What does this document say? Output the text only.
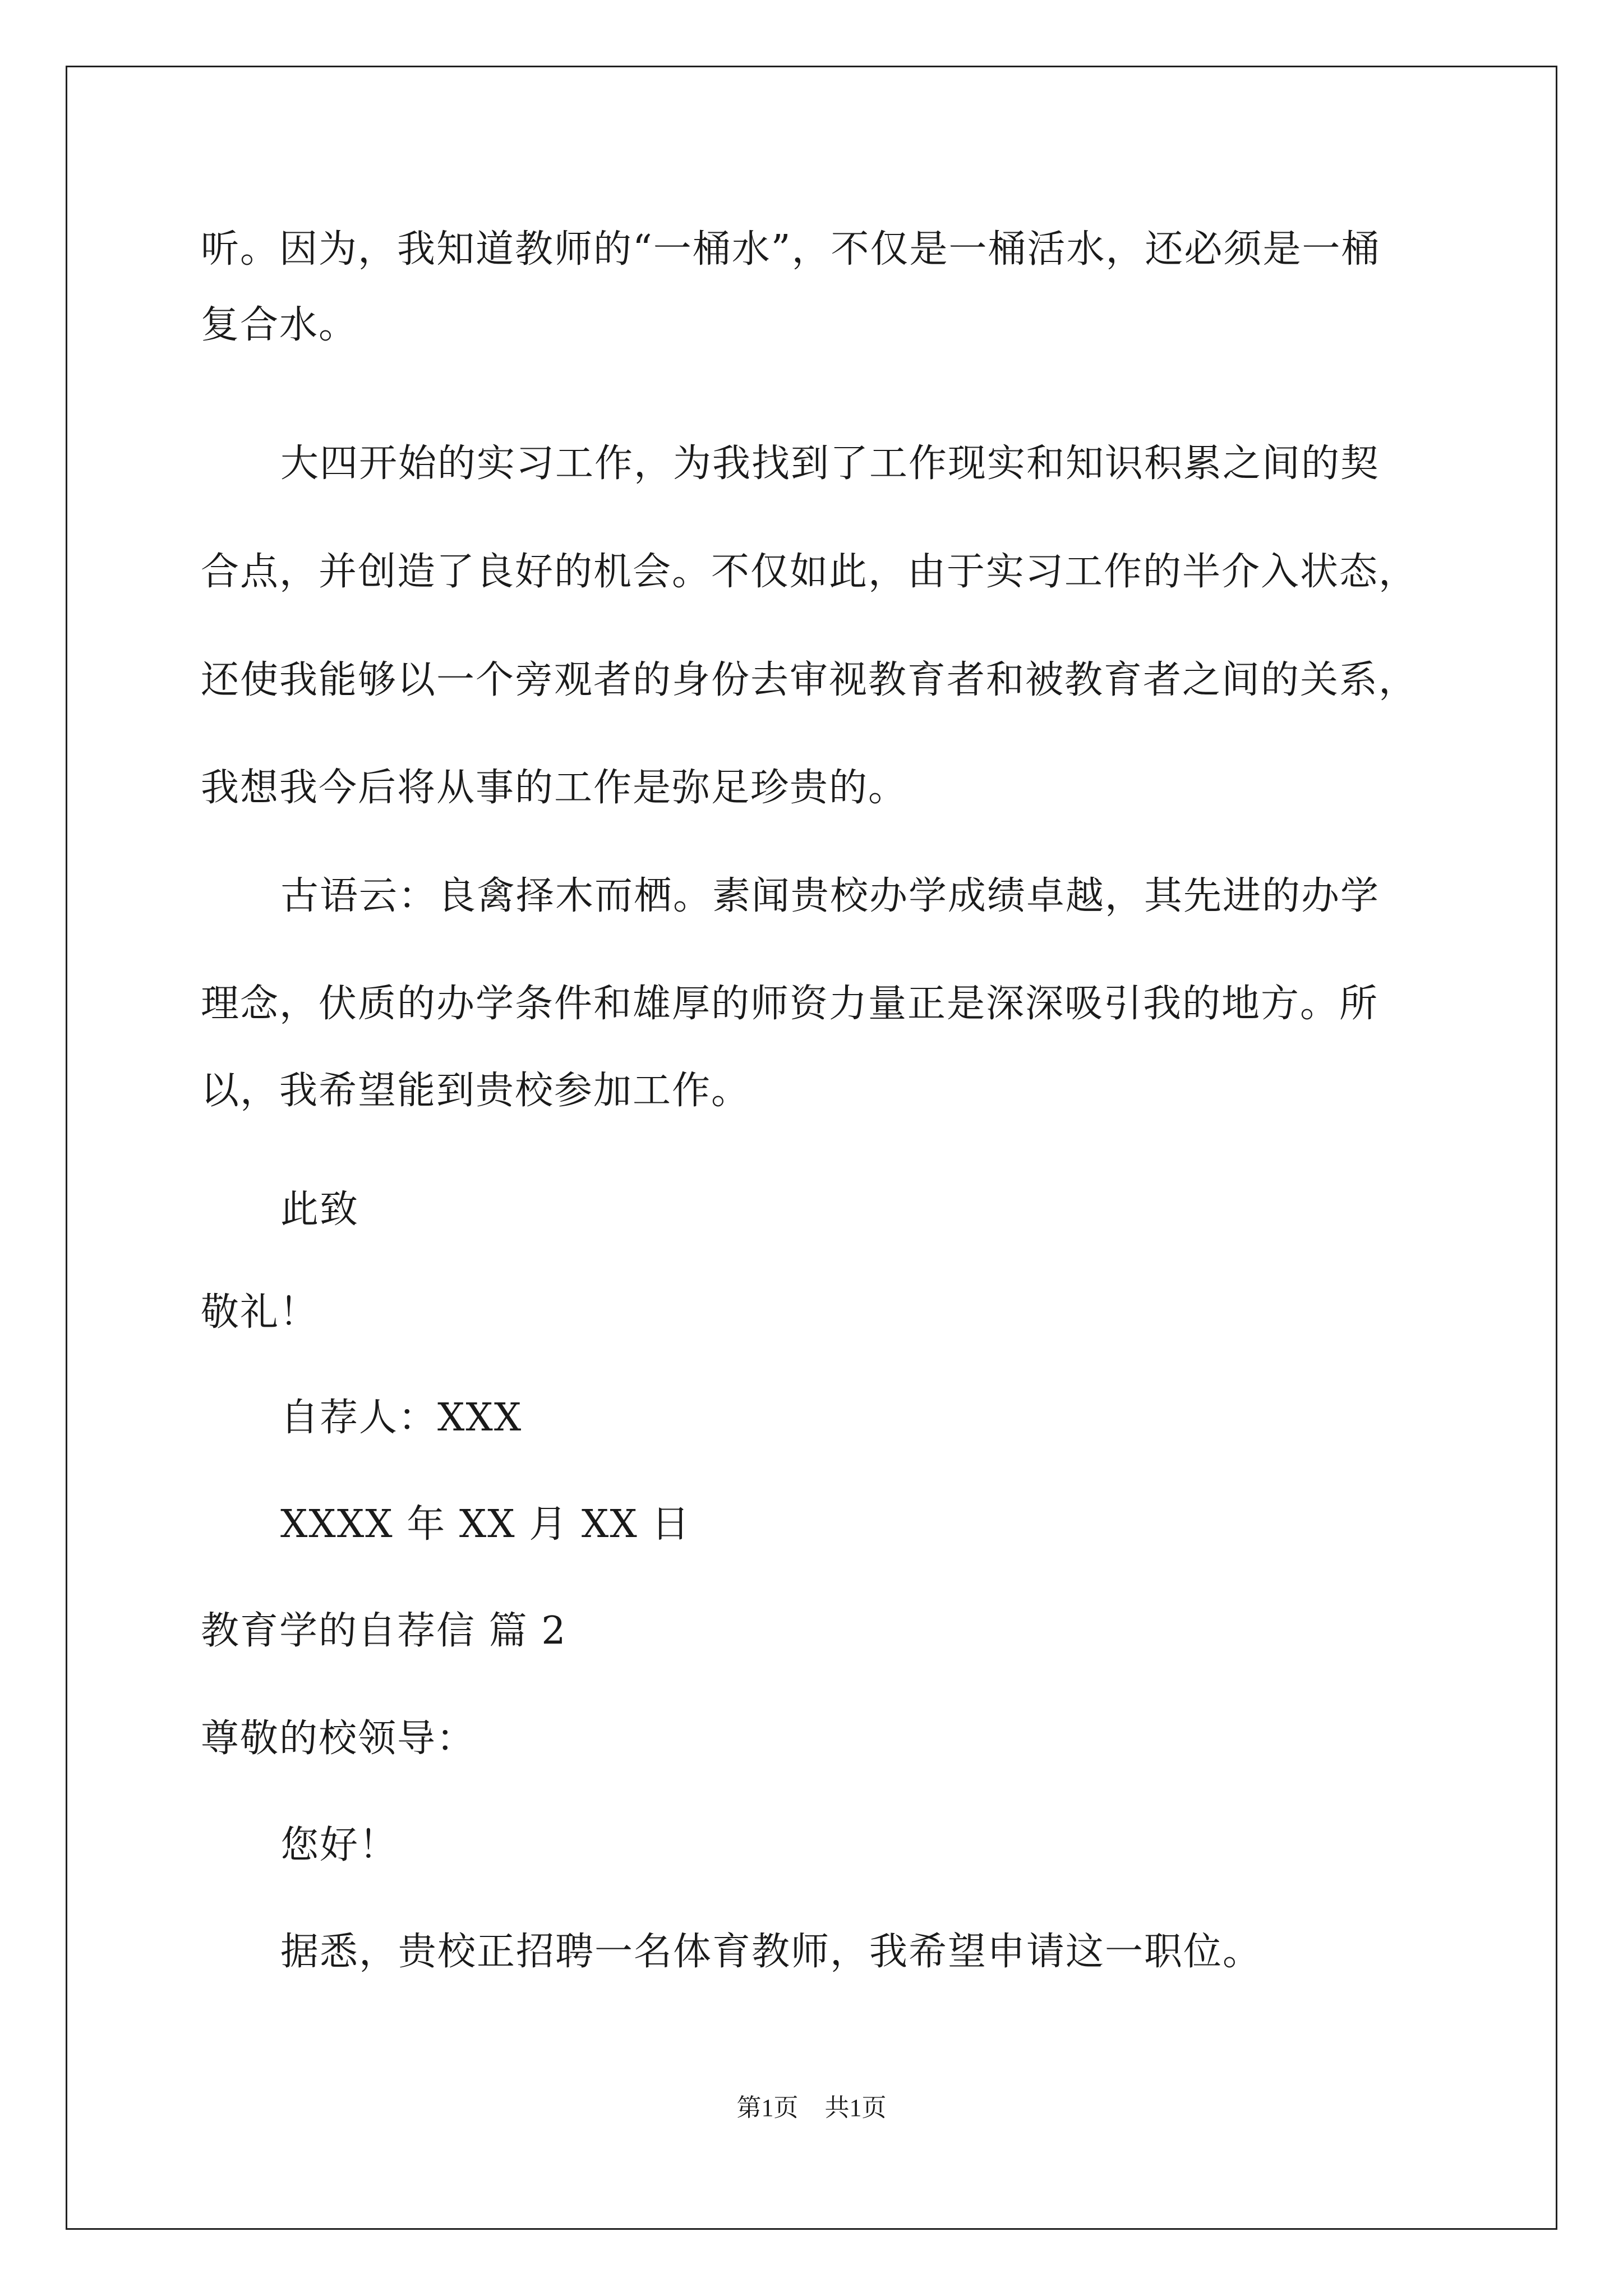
听。因为，我知道教师的“一桶水”，不仅是一桶活水，还必须是一桶
复合水。
大四开始的实习工作，为我找到了工作现实和知识积累之间的契
合点，并创造了良好的机会。不仅如此，由于实习工作的半介入状态，
还使我能够以一个旁观者的身份去审视教育者和被教育者之间的关系，
我想我今后将从事的工作是弥足珍贵的。
古语云：良禽择木而栖。素闻贵校办学成绩卓越，其先进的办学
理念，伏质的办学条件和雄厚的师资力量正是深深吸引我的地方。所
以，我希望能到贵校参加工作。
此致
敬礼！
自荐人：XXX
XXXX 年 XX 月 XX 日
教育学的自荐信 篇 2
尊敬的校领导：
您好！
据悉，贵校正招聘一名体育教师，我希望申请这一职位。
第1页 共1页
